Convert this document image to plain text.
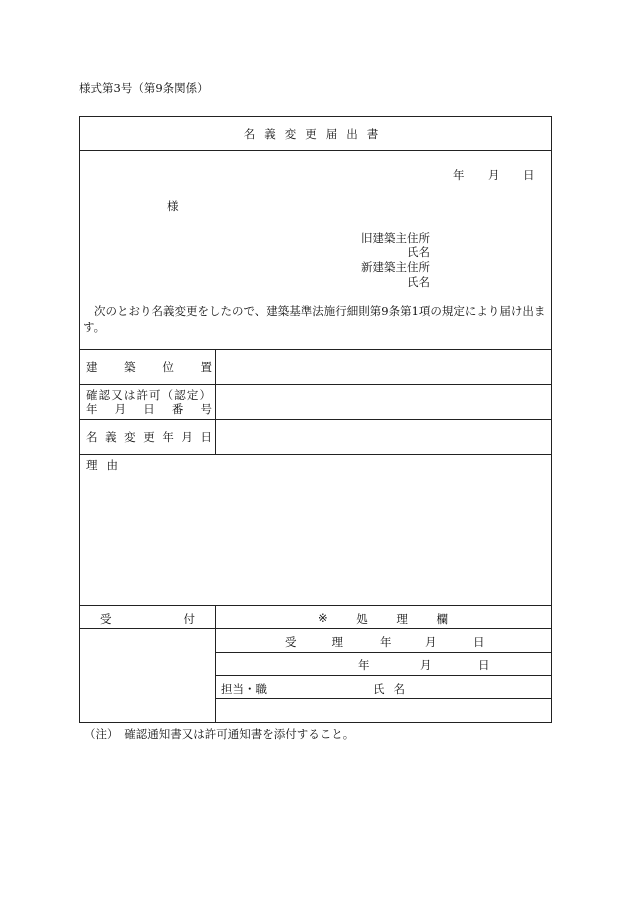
様式第3号（第9条関係）
名義変更届出書
年 月 日
様
旧建築主住所
氏名
新建築主住所
氏名
次のとおり名義変更をしたので、建築基準法施行細則第9条第1項の規定により届け出ま
す。
建 築 位 置
確認又は許可（認定）
年 月 日 番 号
名 義 変 更 年 月 日
理由
受	付	※ 処 理 欄
受	理	年	月	日
年	月	日
担当・職	氏名
（注）　確認通知書又は許可通知書を添付すること。
